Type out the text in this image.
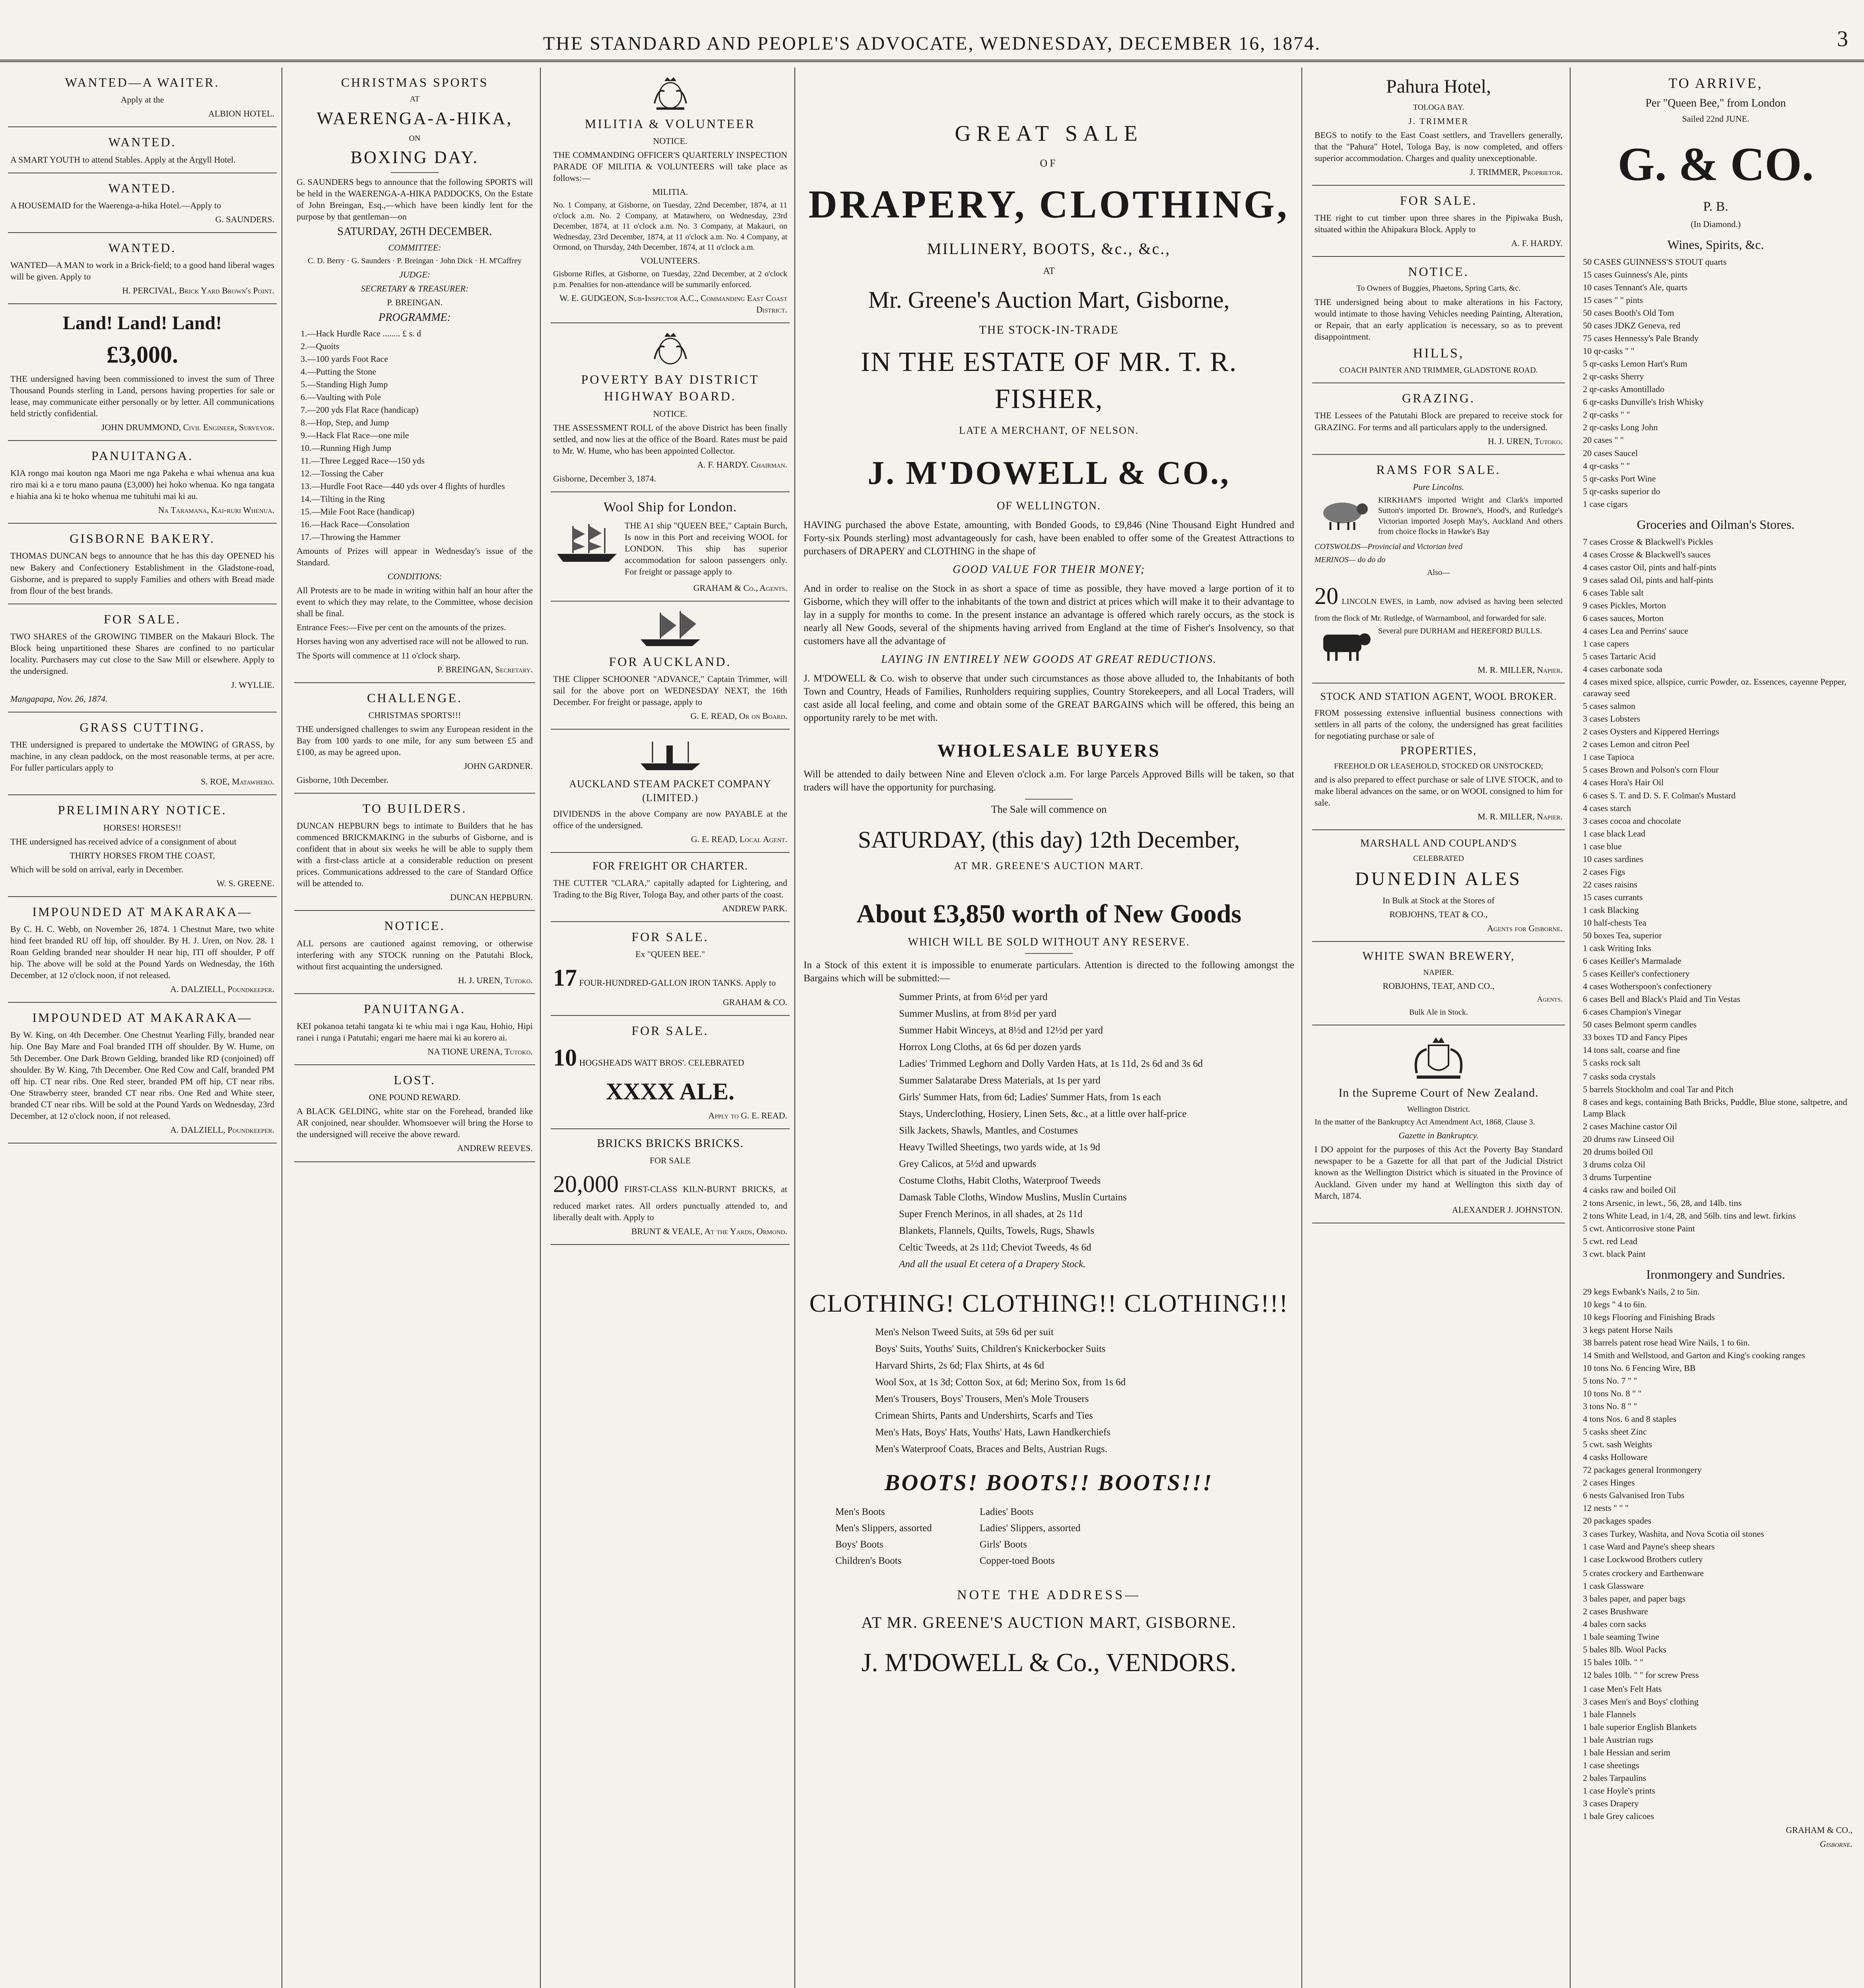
THE STANDARD AND PEOPLE'S ADVOCATE, WEDNESDAY, DECEMBER 16, 1874.	3
WANTED—A WAITER.

Apply at the

ALBION HOTEL.

WANTED.

A SMART YOUTH to attend Stables. Apply at the Argyll Hotel.

WANTED.

A HOUSEMAID for the Waerenga-a-hika Hotel.—Apply to

G. SAUNDERS.

WANTED.

WANTED—A MAN to work in a Brick-field; to a good hand liberal wages will be given. Apply to

H. PERCIVAL, Brick Yard Brown's Point.

Land! Land! Land!
£3,000.

THE undersigned having been commissioned to invest the sum of Three Thousand Pounds sterling in Land, persons having properties for sale or lease, may communicate either personally or by letter. All communications held strictly confidential.

JOHN DRUMMOND, Civil Engineer, Surveyor.

PANUITANGA.

KIA rongo mai kouton nga Maori me nga Pakeha e whai whenua ana kua riro mai ki a e toru mano pauna (£3,000) hei hoko whenua. Ko nga tangata e hiahia ana ki te hoko whenua me tuhituhi mai ki au.

Na Taramana, Kai-ruri Whenua.

GISBORNE BAKERY.

THOMAS DUNCAN begs to announce that he has this day OPENED his new Bakery and Confectionery Establishment in the Gladstone-road, Gisborne, and is prepared to supply Families and others with Bread made from flour of the best brands.

FOR SALE.

TWO SHARES of the GROWING TIMBER on the Makauri Block. The Block being unpartitioned these Shares are confined to no particular locality. Purchasers may cut close to the Saw Mill or elsewhere. Apply to the undersigned.

J. WYLLIE.

Mangapapa, Nov. 26, 1874.

GRASS CUTTING.

THE undersigned is prepared to undertake the MOWING of GRASS, by machine, in any clean paddock, on the most reasonable terms, at per acre. For fuller particulars apply to

S. ROE, Matawhero.

PRELIMINARY NOTICE.

HORSES! HORSES!!

THE undersigned has received advice of a consignment of about

THIRTY HORSES FROM THE COAST,

Which will be sold on arrival, early in December.

W. S. GREENE.

IMPOUNDED AT MAKARAKA—

By C. H. C. Webb, on November 26, 1874. 1 Chestnut Mare, two white hind feet branded RU off hip, off shoulder. By H. J. Uren, on Nov. 28. 1 Roan Gelding branded near shoulder H near hip, ITI off shoulder, P off hip. The above will be sold at the Pound Yards on Wednesday, the 16th December, at 12 o'clock noon, if not released.

A. DALZIELL, Poundkeeper.

IMPOUNDED AT MAKARAKA—

By W. King, on 4th December. One Chestnut Yearling Filly, branded near hip. One Bay Mare and Foal branded ITH off shoulder. By W. Hume, on 5th December. One Dark Brown Gelding, branded like RD (conjoined) off shoulder. By W. King, 7th December. One Red Cow and Calf, branded PM off hip. CT near ribs. One Red steer, branded PM off hip, CT near ribs. One Strawberry steer, branded CT near ribs. One Red and White steer, branded CT near ribs. Will be sold at the Pound Yards on Wednesday, 23rd December, at 12 o'clock noon, if not released.

A. DALZIELL, Poundkeeper.

CHRISTMAS SPORTS

AT

WAERENGA-A-HIKA,

ON

BOXING DAY.

G. SAUNDERS begs to announce that the following SPORTS will be held in the WAERENGA-A-HIKA PADDOCKS, On the Estate of John Breingan, Esq.,—which have been kindly lent for the purpose by that gentleman—on

SATURDAY, 26TH DECEMBER.

COMMITTEE:

C. D. Berry · G. Saunders · P. Breingan · John Dick · H. M'Caffrey

JUDGE:

SECRETARY & TREASURER:

P. BREINGAN.

PROGRAMME:

1.—Hack Hurdle Race ........ £ s. d
2.—Quoits
3.—100 yards Foot Race
4.—Putting the Stone
5.—Standing High Jump
6.—Vaulting with Pole
7.—200 yds Flat Race (handicap)
8.—Hop, Step, and Jump
9.—Hack Flat Race—one mile
10.—Running High Jump
11.—Three Legged Race—150 yds
12.—Tossing the Caber
13.—Hurdle Foot Race—440 yds over 4 flights of hurdles
14.—Tilting in the Ring
15.—Mile Foot Race (handicap)
16.—Hack Race—Consolation
17.—Throwing the Hammer

Amounts of Prizes will appear in Wednesday's issue of the Standard.

CONDITIONS:

All Protests are to be made in writing within half an hour after the event to which they may relate, to the Committee, whose decision shall be final.

Entrance Fees:—Five per cent on the amounts of the prizes.

Horses having won any advertised race will not be allowed to run.

The Sports will commence at 11 o'clock sharp.

P. BREINGAN, Secretary.

CHALLENGE.

CHRISTMAS SPORTS!!!

THE undersigned challenges to swim any European resident in the Bay from 100 yards to one mile, for any sum between £5 and £100, as may be agreed upon.

JOHN GARDNER.

Gisborne, 10th December.

TO BUILDERS.

DUNCAN HEPBURN begs to intimate to Builders that he has commenced BRICKMAKING in the suburbs of Gisborne, and is confident that in about six weeks he will be able to supply them with a first-class article at a considerable reduction on present prices. Communications addressed to the care of Standard Office will be attended to.

DUNCAN HEPBURN.

NOTICE.

ALL persons are cautioned against removing, or otherwise interfering with any STOCK running on the Patutahi Block, without first acquainting the undersigned.

H. J. UREN, Tutoko.

PANUITANGA.

KEI pokanoa tetahi tangata ki te whiu mai i nga Kau, Hohio, Hipi ranei i runga i Patutahi; engari me haere mai ki au korero ai.

NA TIONE URENA, Tutoko.

LOST.

ONE POUND REWARD.

A BLACK GELDING, white star on the Forehead, branded like AR conjoined, near shoulder. Whomsoever will bring the Horse to the undersigned will receive the above reward.

ANDREW REEVES.

MILITIA & VOLUNTEER

NOTICE.

THE COMMANDING OFFICER'S QUARTERLY INSPECTION PARADE OF MILITIA & VOLUNTEERS will take place as follows:—

MILITIA.

No. 1 Company, at Gisborne, on Tuesday, 22nd December, 1874, at 11 o'clock a.m. No. 2 Company, at Matawhero, on Wednesday, 23rd December, 1874, at 11 o'clock a.m. No. 3 Company, at Makauri, on Wednesday, 23rd December, 1874, at 11 o'clock a.m. No. 4 Company, at Ormond, on Thursday, 24th December, 1874, at 11 o'clock a.m.

VOLUNTEERS.

Gisborne Rifles, at Gisborne, on Tuesday, 22nd December, at 2 o'clock p.m. Penalties for non-attendance will be summarily enforced.

W. E. GUDGEON, Sub-Inspector A.C., Commanding East Coast District.

POVERTY BAY DISTRICT HIGHWAY BOARD.

NOTICE.

THE ASSESSMENT ROLL of the above District has been finally settled, and now lies at the office of the Board. Rates must be paid to Mr. W. Hume, who has been appointed Collector.

A. F. HARDY. Chairman.

Gisborne, December 3, 1874.

Wool Ship for London.

THE A1 ship "QUEEN BEE," Captain Burch, Is now in this Port and receiving WOOL for LONDON. This ship has superior accommodation for saloon passengers only. For freight or passage apply to

GRAHAM & Co., Agents.

FOR AUCKLAND.

THE Clipper SCHOONER "ADVANCE," Captain Trimmer, will sail for the above port on WEDNESDAY NEXT, the 16th December. For freight or passage, apply to

G. E. READ, Or on Board.

AUCKLAND STEAM PACKET COMPANY (LIMITED.)

DIVIDENDS in the above Company are now PAYABLE at the office of the undersigned.

G. E. READ, Local Agent.

FOR FREIGHT OR CHARTER.

THE CUTTER "CLARA," capitally adapted for Lightering, and Trading to the Big River, Tologa Bay, and other parts of the coast.

ANDREW PARK.

FOR SALE.

Ex "QUEEN BEE."

17 FOUR-HUNDRED-GALLON IRON TANKS. Apply to

GRAHAM & CO.

FOR SALE.

10 HOGSHEADS WATT BROS'. CELEBRATED

XXXX ALE.

Apply to G. E. READ.

BRICKS BRICKS BRICKS.

FOR SALE

20,000 FIRST-CLASS KILN-BURNT BRICKS, at reduced market rates. All orders punctually attended to, and liberally dealt with. Apply to

BRUNT & VEALE, At the Yards, Ormond.

GREAT SALE
OF
DRAPERY, CLOTHING,
MILLINERY, BOOTS, &c., &c.,
AT
Mr. Greene's Auction Mart, Gisborne,
THE STOCK-IN-TRADE
IN THE ESTATE OF MR. T. R. FISHER,
LATE A MERCHANT, OF NELSON.
J. M'DOWELL & CO.,
OF WELLINGTON.

HAVING purchased the above Estate, amounting, with Bonded Goods, to £9,846 (Nine Thousand Eight Hundred and Forty-six Pounds sterling) most advantageously for cash, have been enabled to offer some of the Greatest Attractions to purchasers of DRAPERY and CLOTHING in the shape of

GOOD VALUE FOR THEIR MONEY;

And in order to realise on the Stock in as short a space of time as possible, they have moved a large portion of it to Gisborne, which they will offer to the inhabitants of the town and district at prices which will make it to their advantage to lay in a supply for months to come. In the present instance an advantage is offered which rarely occurs, as the stock is nearly all New Goods, several of the shipments having arrived from England at the time of Fisher's Insolvency, so that customers have all the advantage of

LAYING IN ENTIRELY NEW GOODS AT GREAT REDUCTIONS.

J. M'DOWELL & Co. wish to observe that under such circumstances as those above alluded to, the Inhabitants of both Town and Country, Heads of Families, Runholders requiring supplies, Country Storekeepers, and all Local Traders, will cast aside all local feeling, and come and obtain some of the GREAT BARGAINS which will be offered, this being an opportunity rarely to be met with.

WHOLESALE BUYERS

Will be attended to daily between Nine and Eleven o'clock a.m. For large Parcels Approved Bills will be taken, so that traders will have the opportunity for purchasing.

The Sale will commence on

SATURDAY, (this day) 12th December,

AT MR. GREENE'S AUCTION MART.

About £3,850 worth of New Goods

WHICH WILL BE SOLD WITHOUT ANY RESERVE.

In a Stock of this extent it is impossible to enumerate particulars. Attention is directed to the following amongst the Bargains which will be submitted:—

Summer Prints, at from 6½d per yard
Summer Muslins, at from 8½d per yard
Summer Habit Winceys, at 8½d and 12½d per yard
Horrox Long Cloths, at 6s 6d per dozen yards
Ladies' Trimmed Leghorn and Dolly Varden Hats, at 1s 11d, 2s 6d and 3s 6d
Summer Salatarabe Dress Materials, at 1s per yard
Girls' Summer Hats, from 6d; Ladies' Summer Hats, from 1s each
Stays, Underclothing, Hosiery, Linen Sets, &c., at a little over half-price
Silk Jackets, Shawls, Mantles, and Costumes
Heavy Twilled Sheetings, two yards wide, at 1s 9d
Grey Calicos, at 5½d and upwards
Costume Cloths, Habit Cloths, Waterproof Tweeds
Damask Table Cloths, Window Muslins, Muslin Curtains
Super French Merinos, in all shades, at 2s 11d
Blankets, Flannels, Quilts, Towels, Rugs, Shawls
Celtic Tweeds, at 2s 11d; Cheviot Tweeds, 4s 6d
And all the usual Et cetera of a Drapery Stock.
CLOTHING! CLOTHING!! CLOTHING!!!
Men's Nelson Tweed Suits, at 59s 6d per suit
Boys' Suits, Youths' Suits, Children's Knickerbocker Suits
Harvard Shirts, 2s 6d; Flax Shirts, at 4s 6d
Wool Sox, at 1s 3d; Cotton Sox, at 6d; Merino Sox, from 1s 6d
Men's Trousers, Boys' Trousers, Men's Mole Trousers
Crimean Shirts, Pants and Undershirts, Scarfs and Ties
Men's Hats, Boys' Hats, Youths' Hats, Lawn Handkerchiefs
Men's Waterproof Coats, Braces and Belts, Austrian Rugs.
BOOTS! BOOTS!! BOOTS!!!
Men's Boots
Men's Slippers, assorted
Boys' Boots
Children's Boots
Ladies' Boots
Ladies' Slippers, assorted
Girls' Boots
Copper-toed Boots
NOTE THE ADDRESS—
AT MR. GREENE'S AUCTION MART, GISBORNE.
J. M'DOWELL & Co., VENDORS.
Pahura Hotel,

TOLOGA BAY.

J. TRIMMER

BEGS to notify to the East Coast settlers, and Travellers generally, that the "Pahura" Hotel, Tologa Bay, is now completed, and offers superior accommodation. Charges and quality unexceptionable.

J. TRIMMER, Proprietor.

FOR SALE.

THE right to cut timber upon three shares in the Pipiwaka Bush, situated within the Ahipakura Block. Apply to

A. F. HARDY.

NOTICE.

To Owners of Buggies, Phaetons, Spring Carts, &c.

THE undersigned being about to make alterations in his Factory, would intimate to those having Vehicles needing Painting, Alteration, or Repair, that an early application is necessary, so as to prevent disappointment.

HILLS,

COACH PAINTER AND TRIMMER, GLADSTONE ROAD.

GRAZING.

THE Lessees of the Patutahi Block are prepared to receive stock for GRAZING. For terms and all particulars apply to the undersigned.

H. J. UREN, Tutoko.

RAMS FOR SALE.

Pure Lincolns.

KIRKHAM'S imported Wright and Clark's imported Sutton's imported Dr. Browne's, Hood's, and Rutledge's Victorian imported Joseph May's, Auckland And others from choice flocks in Hawke's Bay

COTSWOLDS—Provincial and Victorian bred

MERINOS— do do do

Also—

20 LINCOLN EWES, in Lamb, now advised as having been selected from the flock of Mr. Rutledge, of Warrnambool, and forwarded for sale.

Several pure DURHAM and HEREFORD BULLS.

M. R. MILLER, Napier.

STOCK AND STATION AGENT, WOOL BROKER.

FROM possessing extensive influential business connections with settlers in all parts of the colony, the undersigned has great facilities for negotiating purchase or sale of

PROPERTIES,

FREEHOLD OR LEASEHOLD, STOCKED OR UNSTOCKED;

and is also prepared to effect purchase or sale of LIVE STOCK, and to make liberal advances on the same, or on WOOL consigned to him for sale.

M. R. MILLER, Napier.

MARSHALL AND COUPLAND'S

CELEBRATED

DUNEDIN ALES

In Bulk at Stock at the Stores of

ROBJOHNS, TEAT & CO.,

Agents for Gisborne.

WHITE SWAN BREWERY,

NAPIER.

ROBJOHNS, TEAT, AND CO.,

Agents.

Bulk Ale in Stock.

In the Supreme Court of New Zealand.

Wellington District.

In the matter of the Bankruptcy Act Amendment Act, 1868, Clause 3.

Gazette in Bankruptcy.

I DO appoint for the purposes of this Act the Poverty Bay Standard newspaper to be a Gazette for all that part of the Judicial District known as the Wellington District which is situated in the Province of Auckland. Given under my hand at Wellington this sixth day of March, 1874.

ALEXANDER J. JOHNSTON.

TO ARRIVE,

Per "Queen Bee," from London

Sailed 22nd JUNE.

G. & CO.

P. B.

(In Diamond.)

Wines, Spirits, &c.
50 CASES GUINNESS'S STOUT quarts
15 cases Guinness's Ale, pints
10 cases Tennant's Ale, quarts
15 cases " " pints
50 cases Booth's Old Tom
50 cases JDKZ Geneva, red
75 cases Hennessy's Pale Brandy
10 qr-casks " "
5 qr-casks Lemon Hart's Rum
2 qr-casks Sherry
2 qr-casks Amontillado
6 qr-casks Dunville's Irish Whisky
2 qr-casks " "
2 qr-casks Long John
20 cases " "
20 cases Saucel
4 qr-casks " "
5 qr-casks Port Wine
5 qr-casks superior do
1 case cigars
Groceries and Oilman's Stores.
7 cases Crosse & Blackwell's Pickles
4 cases Crosse & Blackwell's sauces
4 cases castor Oil, pints and half-pints
9 cases salad Oil, pints and half-pints
6 cases Table salt
9 cases Pickles, Morton
6 cases sauces, Morton
4 cases Lea and Perrins' sauce
1 case capers
5 cases Tartaric Acid
4 cases carbonate soda
4 cases mixed spice, allspice, curric Powder, oz. Essences, cayenne Pepper, caraway seed
5 cases salmon
3 cases Lobsters
2 cases Oysters and Kippered Herrings
2 cases Lemon and citron Peel
1 case Tapioca
5 cases Brown and Polson's corn Flour
4 cases Hora's Hair Oil
6 cases S. T. and D. S. F. Colman's Mustard
4 cases starch
3 cases cocoa and chocolate
1 case black Lead
1 case blue
10 cases sardines
2 cases Figs
22 cases raisins
15 cases currants
1 cask Blacking
10 half-chests Tea
50 boxes Tea, superior
1 cask Writing Inks
6 cases Keiller's Marmalade
5 cases Keiller's confectionery
4 cases Wotherspoon's confectionery
6 cases Bell and Black's Plaid and Tin Vestas
6 cases Champion's Vinegar
50 cases Belmont sperm candles
33 boxes TD and Fancy Pipes
14 tons salt, coarse and fine
5 casks rock salt
7 casks soda crystals
5 barrels Stockholm and coal Tar and Pitch
8 cases and kegs, containing Bath Bricks, Puddle, Blue stone, saltpetre, and Lamp Black
2 cases Machine castor Oil
20 drums raw Linseed Oil
20 drums boiled Oil
3 drums colza Oil
3 drums Turpentine
4 casks raw and boiled Oil
2 tons Arsenic, in lewt., 56, 28, and 14lb. tins
2 tons White Lead, in 1/4, 28, and 56lb. tins and lewt. firkins
5 cwt. Anticorrosive stone Paint
5 cwt. red Lead
3 cwt. black Paint
Ironmongery and Sundries.
29 kegs Ewbank's Nails, 2 to 5in.
10 kegs " 4 to 6in.
10 kegs Flooring and Finishing Brads
3 kegs patent Horse Nails
38 barrels patent rose head Wire Nails, 1 to 6in.
14 Smith and Wellstood, and Garton and King's cooking ranges
10 tons No. 6 Fencing Wire, BB
5 tons No. 7 " "
10 tons No. 8 " "
3 tons No. 8 " "
4 tons Nos. 6 and 8 staples
5 casks sheet Zinc
5 cwt. sash Weights
4 casks Holloware
72 packages general Ironmongery
2 cases Hinges
6 nests Galvanised Iron Tubs
12 nests " " "
20 packages spades
3 cases Turkey, Washita, and Nova Scotia oil stones
1 case Ward and Payne's sheep shears
1 case Lockwood Brothers cutlery
5 crates crockery and Earthenware
1 cask Glassware
3 bales paper, and paper bags
2 cases Brushware
4 bales corn sacks
1 bale seaming Twine
5 bales 8lb. Wool Packs
15 bales 10lb. " "
12 bales 10lb. " " for screw Press
1 case Men's Felt Hats
3 cases Men's and Boys' clothing
1 bale Flannels
1 bale superior English Blankets
1 bale Austrian rugs
1 bale Hessian and serim
1 case sheetings
2 bales Tarpaulins
1 case Hoyle's prints
3 cases Drapery
1 bale Grey calicoes

GRAHAM & CO.,

Gisborne.
